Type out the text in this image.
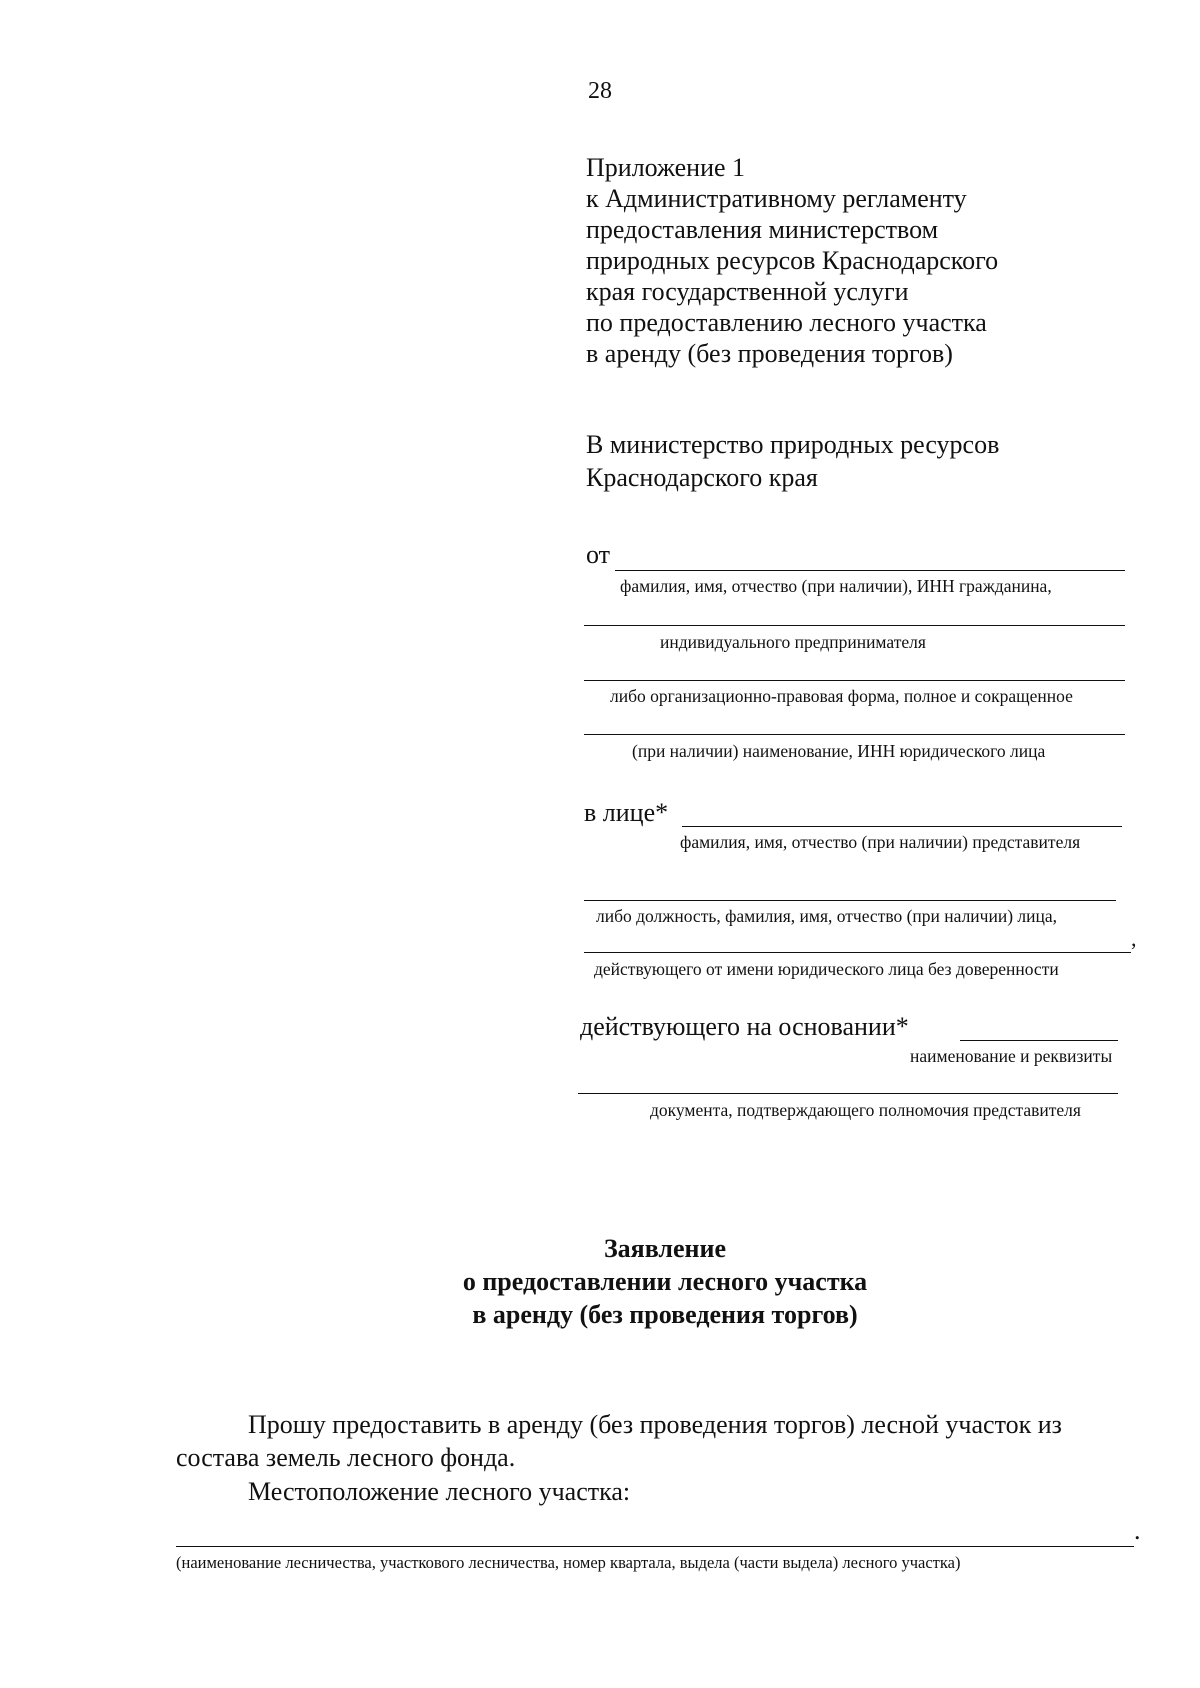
28
Приложение 1
к Административному регламенту
предоставления министерством
природных ресурсов Краснодарского
края государственной услуги
по предоставлению лесного участка
в аренду (без проведения торгов)
В министерство природных ресурсов
Краснодарского края
от
фамилия, имя, отчество (при наличии), ИНН гражданина,
индивидуального предпринимателя
либо организационно-правовая форма, полное и сокращенное
(при наличии) наименование, ИНН юридического лица
в лице*
фамилия, имя, отчество (при наличии) представителя
либо должность, фамилия, имя, отчество (при наличии) лица,
,
действующего от имени юридического лица без доверенности
действующего на основании*
наименование и реквизиты
документа, подтверждающего полномочия представителя
Заявление
о предоставлении лесного участка
в аренду (без проведения торгов)
Прошу предоставить в аренду (без проведения торгов) лесной участок из состава земель лесного фонда.
Местоположение лесного участка:
.
(наименование лесничества, участкового лесничества, номер квартала, выдела (части выдела) лесного участка)
